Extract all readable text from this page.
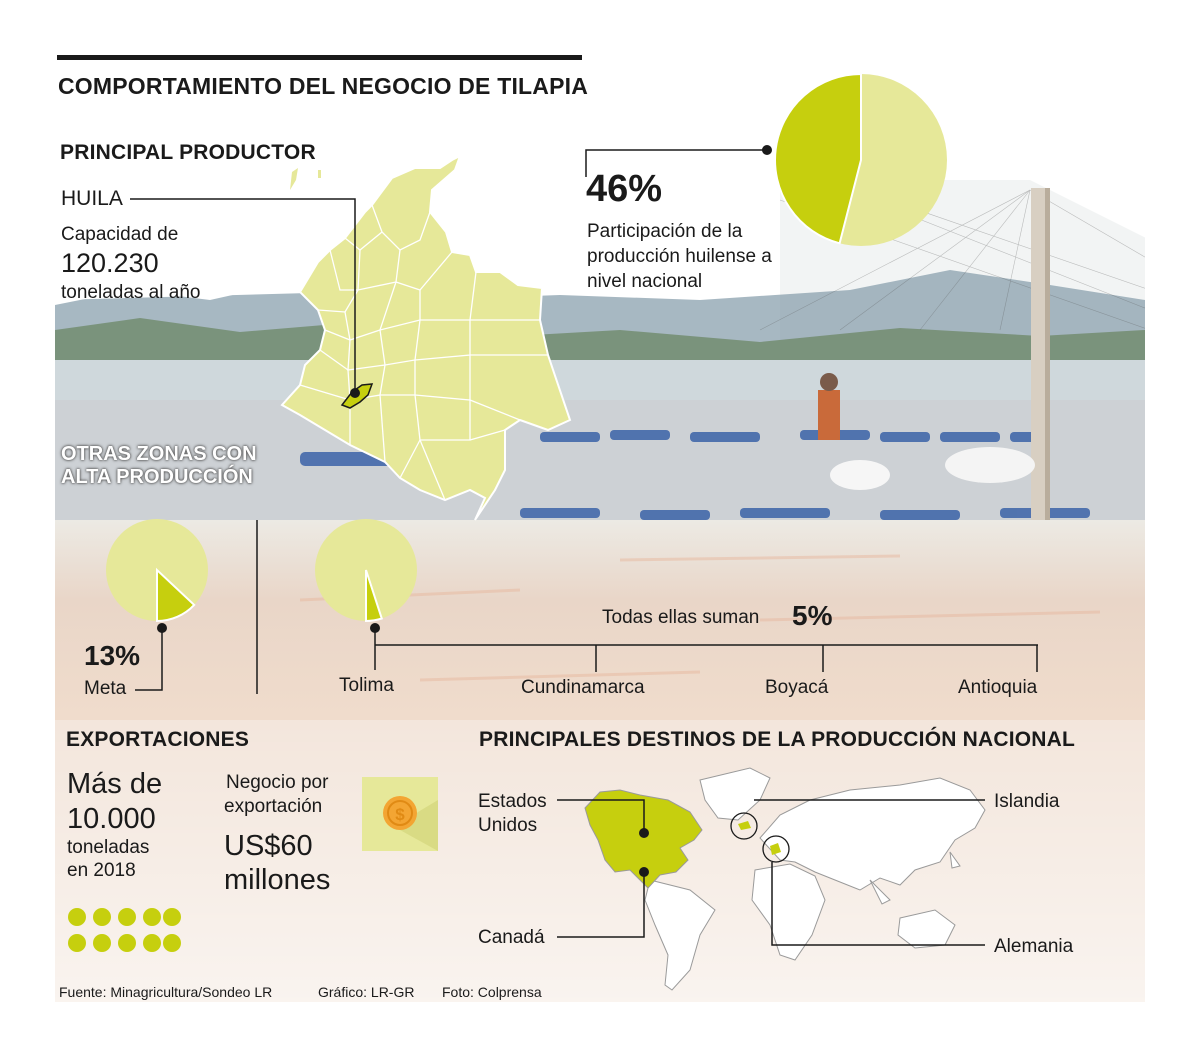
COMPORTAMIENTO DEL NEGOCIO DE TILAPIA

PRINCIPAL PRODUCTOR

HUILA

Capacidad de

120.230

toneladas al año

46%

Participación de la

producción huilense a

nivel nacional

OTRAS ZONAS CON

ALTA PRODUCCIÓN

13%

Meta

Todas ellas suman 5%

Tolima	Cundinamarca	Boyacá	Antioquia

EXPORTACIONES

Más de

10.000

toneladas

en 2018

Negocio por

exportación

US$60

millones

$

PRINCIPALES DESTINOS DE LA PRODUCCIÓN NACIONAL

Estados

Unidos

Canadá

Islandia

Alemania

Fuente: Minagricultura/Sondeo LR	Gráfico: LR-GR Foto: Colprensa
